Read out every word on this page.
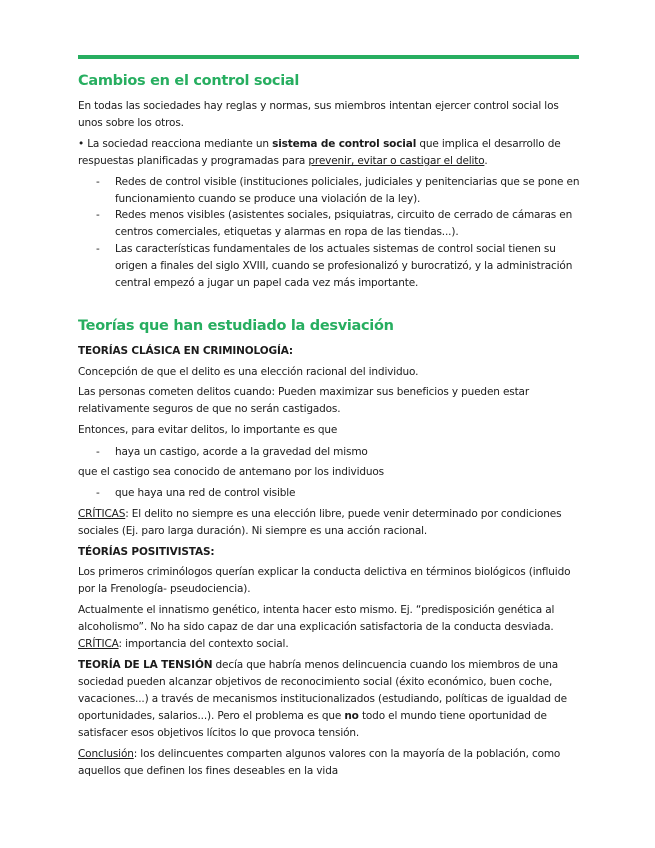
Cambios en el control social

En todas las sociedades hay reglas y normas, sus miembros intentan ejercer control social los unos sobre los otros.

• La sociedad reacciona mediante un sistema de control social que implica el desarrollo de respuestas planificadas y programadas para prevenir, evitar o castigar el delito.

-	Redes de control visible (instituciones policiales, judiciales y penitenciarias que se pone en funcionamiento cuando se produce una violación de la ley).
-	Redes menos visibles (asistentes sociales, psiquiatras, circuito de cerrado de cámaras en centros comerciales, etiquetas y alarmas en ropa de las tiendas...).
-	Las características fundamentales de los actuales sistemas de control social tienen su origen a finales del siglo XVIII, cuando se profesionalizó y burocratizó, y la administración central empezó a jugar un papel cada vez más importante.
Teorías que han estudiado la desviación

TEORÍAS CLÁSICA EN CRIMINOLOGÍA:

Concepción de que el delito es una elección racional del individuo.

Las personas cometen delitos cuando: Pueden maximizar sus beneficios y pueden estar relativamente seguros de que no serán castigados.

Entonces, para evitar delitos, lo importante es que

-	haya un castigo, acorde a la gravedad del mismo

que el castigo sea conocido de antemano por los individuos

-	que haya una red de control visible

CRÍTICAS: El delito no siempre es una elección libre, puede venir determinado por condiciones sociales (Ej. paro larga duración). Ni siempre es una acción racional.

TÉORÍAS POSITIVISTAS:

Los primeros criminólogos querían explicar la conducta delictiva en términos biológicos (influido por la Frenología- pseudociencia).

Actualmente el innatismo genético, intenta hacer esto mismo. Ej. “predisposición genética al alcoholismo”. No ha sido capaz de dar una explicación satisfactoria de la conducta desviada.

CRÍTICA: importancia del contexto social.

TEORÍA DE LA TENSIÓN decía que habría menos delincuencia cuando los miembros de una sociedad pueden alcanzar objetivos de reconocimiento social (éxito económico, buen coche, vacaciones...) a través de mecanismos institucionalizados (estudiando, políticas de igualdad de oportunidades, salarios...). Pero el problema es que no todo el mundo tiene oportunidad de satisfacer esos objetivos lícitos lo que provoca tensión.

Conclusión: los delincuentes comparten algunos valores con la mayoría de la población, como aquellos que definen los fines deseables en la vida
